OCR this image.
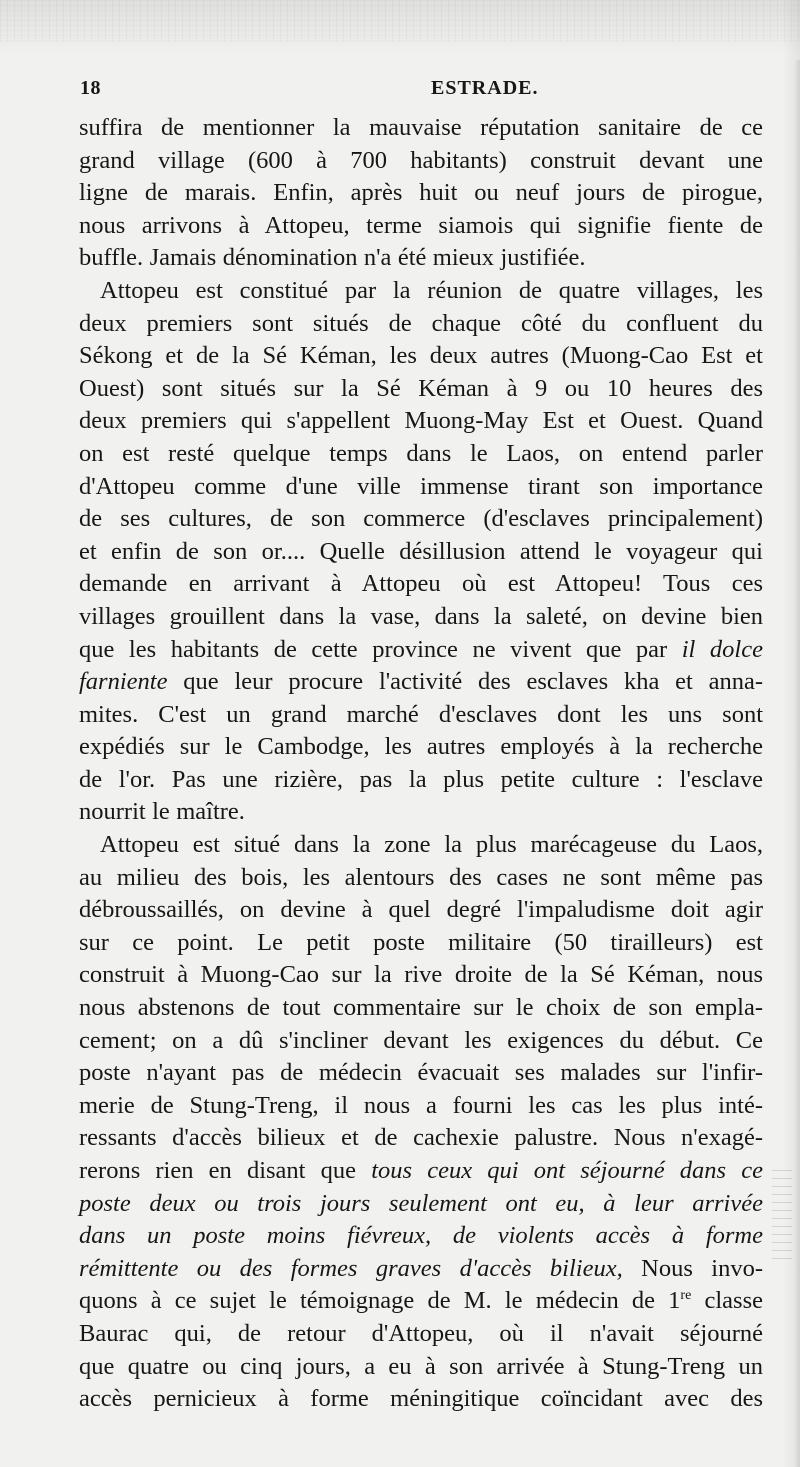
18	ESTRADE.
suffira de mentionner la mauvaise réputation sanitaire de ce
grand village (600 à 700 habitants) construit devant une
ligne de marais. Enfin, après huit ou neuf jours de pirogue,
nous arrivons à Attopeu, terme siamois qui signifie fiente de
buffle. Jamais dénomination n'a été mieux justifiée.
Attopeu est constitué par la réunion de quatre villages, les
deux premiers sont situés de chaque côté du confluent du
Sékong et de la Sé Kéman, les deux autres (Muong-Cao Est et
Ouest) sont situés sur la Sé Kéman à 9 ou 10 heures des
deux premiers qui s'appellent Muong-May Est et Ouest. Quand
on est resté quelque temps dans le Laos, on entend parler
d'Attopeu comme d'une ville immense tirant son importance
de ses cultures, de son commerce (d'esclaves principalement)
et enfin de son or.... Quelle désillusion attend le voyageur qui
demande en arrivant à Attopeu où est Attopeu! Tous ces
villages grouillent dans la vase, dans la saleté, on devine bien
que les habitants de cette province ne vivent que par il dolce
farniente que leur procure l'activité des esclaves kha et anna-
mites. C'est un grand marché d'esclaves dont les uns sont
expédiés sur le Cambodge, les autres employés à la recherche
de l'or. Pas une rizière, pas la plus petite culture : l'esclave
nourrit le maître.
Attopeu est situé dans la zone la plus marécageuse du Laos,
au milieu des bois, les alentours des cases ne sont même pas
débroussaillés, on devine à quel degré l'impaludisme doit agir
sur ce point. Le petit poste militaire (50 tirailleurs) est
construit à Muong-Cao sur la rive droite de la Sé Kéman, nous
nous abstenons de tout commentaire sur le choix de son empla-
cement; on a dû s'incliner devant les exigences du début. Ce
poste n'ayant pas de médecin évacuait ses malades sur l'infir-
merie de Stung-Treng, il nous a fourni les cas les plus inté-
ressants d'accès bilieux et de cachexie palustre. Nous n'exagé-
rerons rien en disant que tous ceux qui ont séjourné dans ce
poste deux ou trois jours seulement ont eu, à leur arrivée
dans un poste moins fiévreux, de violents accès à forme
rémittente ou des formes graves d'accès bilieux, Nous invo-
quons à ce sujet le témoignage de M. le médecin de 1re classe
Baurac qui, de retour d'Attopeu, où il n'avait séjourné
que quatre ou cinq jours, a eu à son arrivée à Stung-Treng un
accès pernicieux à forme méningitique coïncidant avec des
